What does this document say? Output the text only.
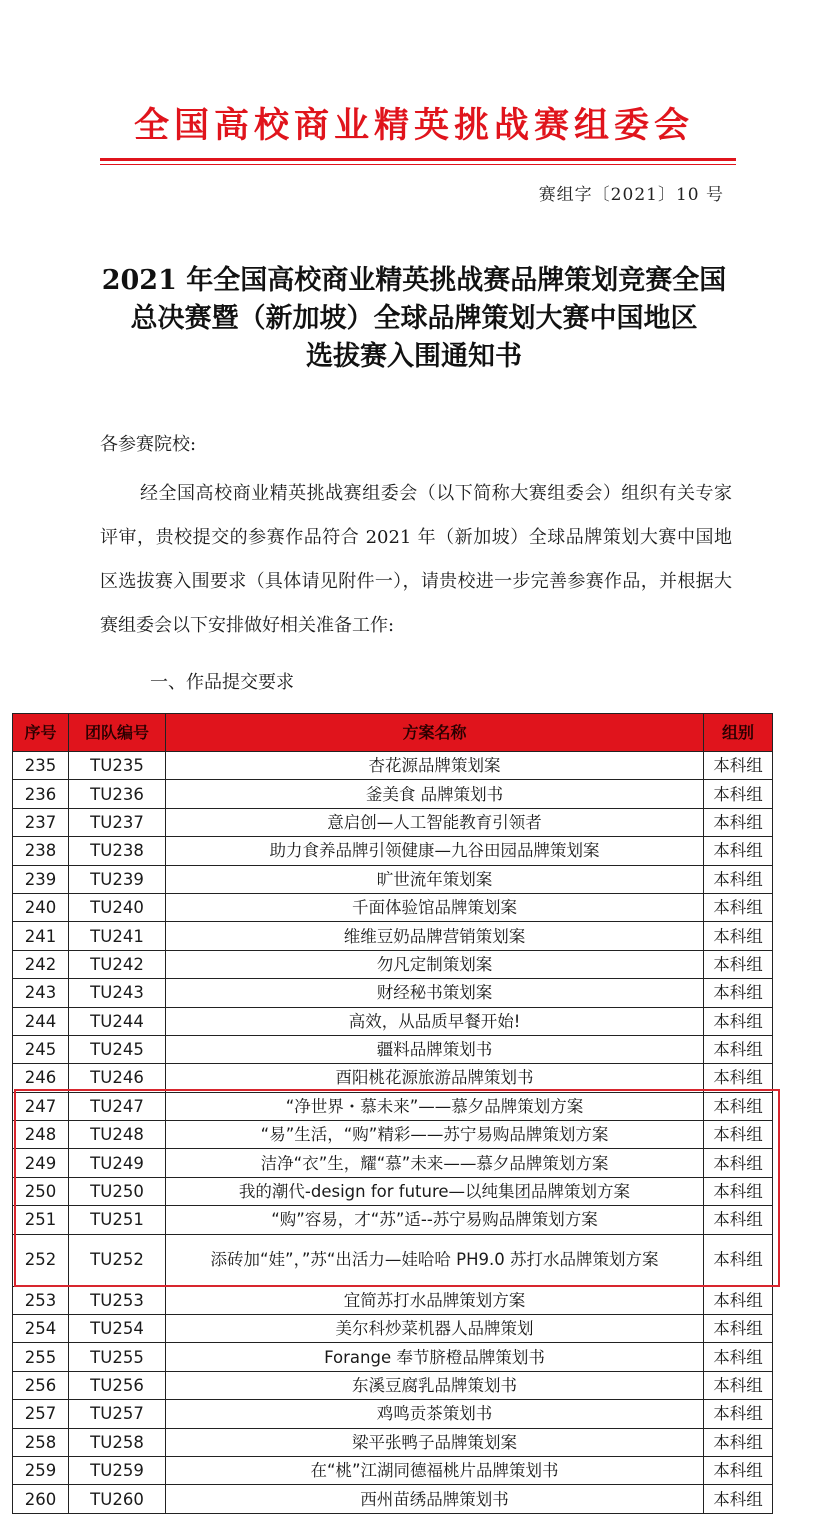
全国高校商业精英挑战赛组委会
赛组字〔2021〕10 号
2021 年全国高校商业精英挑战赛品牌策划竞赛全国
总决赛暨（新加坡）全球品牌策划大赛中国地区
选拔赛入围通知书
各参赛院校:
经全国高校商业精英挑战赛组委会（以下简称大赛组委会）组织有关专家评审，贵校提交的参赛作品符合 2021 年（新加坡）全球品牌策划大赛中国地区选拔赛入围要求（具体请见附件一），请贵校进一步完善参赛作品，并根据大赛组委会以下安排做好相关准备工作:
一、作品提交要求
序号	团队编号	方案名称	组别
235	TU235	杏花源品牌策划案	本科组
236	TU236	釜美食 品牌策划书	本科组
237	TU237	意启创—人工智能教育引领者	本科组
238	TU238	助力食养品牌引领健康—九谷田园品牌策划案	本科组
239	TU239	旷世流年策划案	本科组
240	TU240	千面体验馆品牌策划案	本科组
241	TU241	维维豆奶品牌营销策划案	本科组
242	TU242	勿凡定制策划案	本科组
243	TU243	财经秘书策划案	本科组
244	TU244	高效，从品质早餐开始!	本科组
245	TU245	疆料品牌策划书	本科组
246	TU246	酉阳桃花源旅游品牌策划书	本科组
247	TU247	“净世界・慕未来”——慕夕品牌策划方案	本科组
248	TU248	“易”生活，“购”精彩——苏宁易购品牌策划方案	本科组
249	TU249	洁净“衣”生，耀“慕”未来——慕夕品牌策划方案	本科组
250	TU250	我的潮代-design for future—以纯集团品牌策划方案	本科组
251	TU251	“购”容易，才“苏”适--苏宁易购品牌策划方案	本科组
252	TU252	添砖加“娃”，”苏“出活力—娃哈哈 PH9.0 苏打水品牌策划方案	本科组
253	TU253	宜简苏打水品牌策划方案	本科组
254	TU254	美尔科炒菜机器人品牌策划	本科组
255	TU255	Forange 奉节脐橙品牌策划书	本科组
256	TU256	东溪豆腐乳品牌策划书	本科组
257	TU257	鸡鸣贡茶策划书	本科组
258	TU258	梁平张鸭子品牌策划案	本科组
259	TU259	在“桃”江湖同德福桃片品牌策划书	本科组
260	TU260	西州苗绣品牌策划书	本科组
